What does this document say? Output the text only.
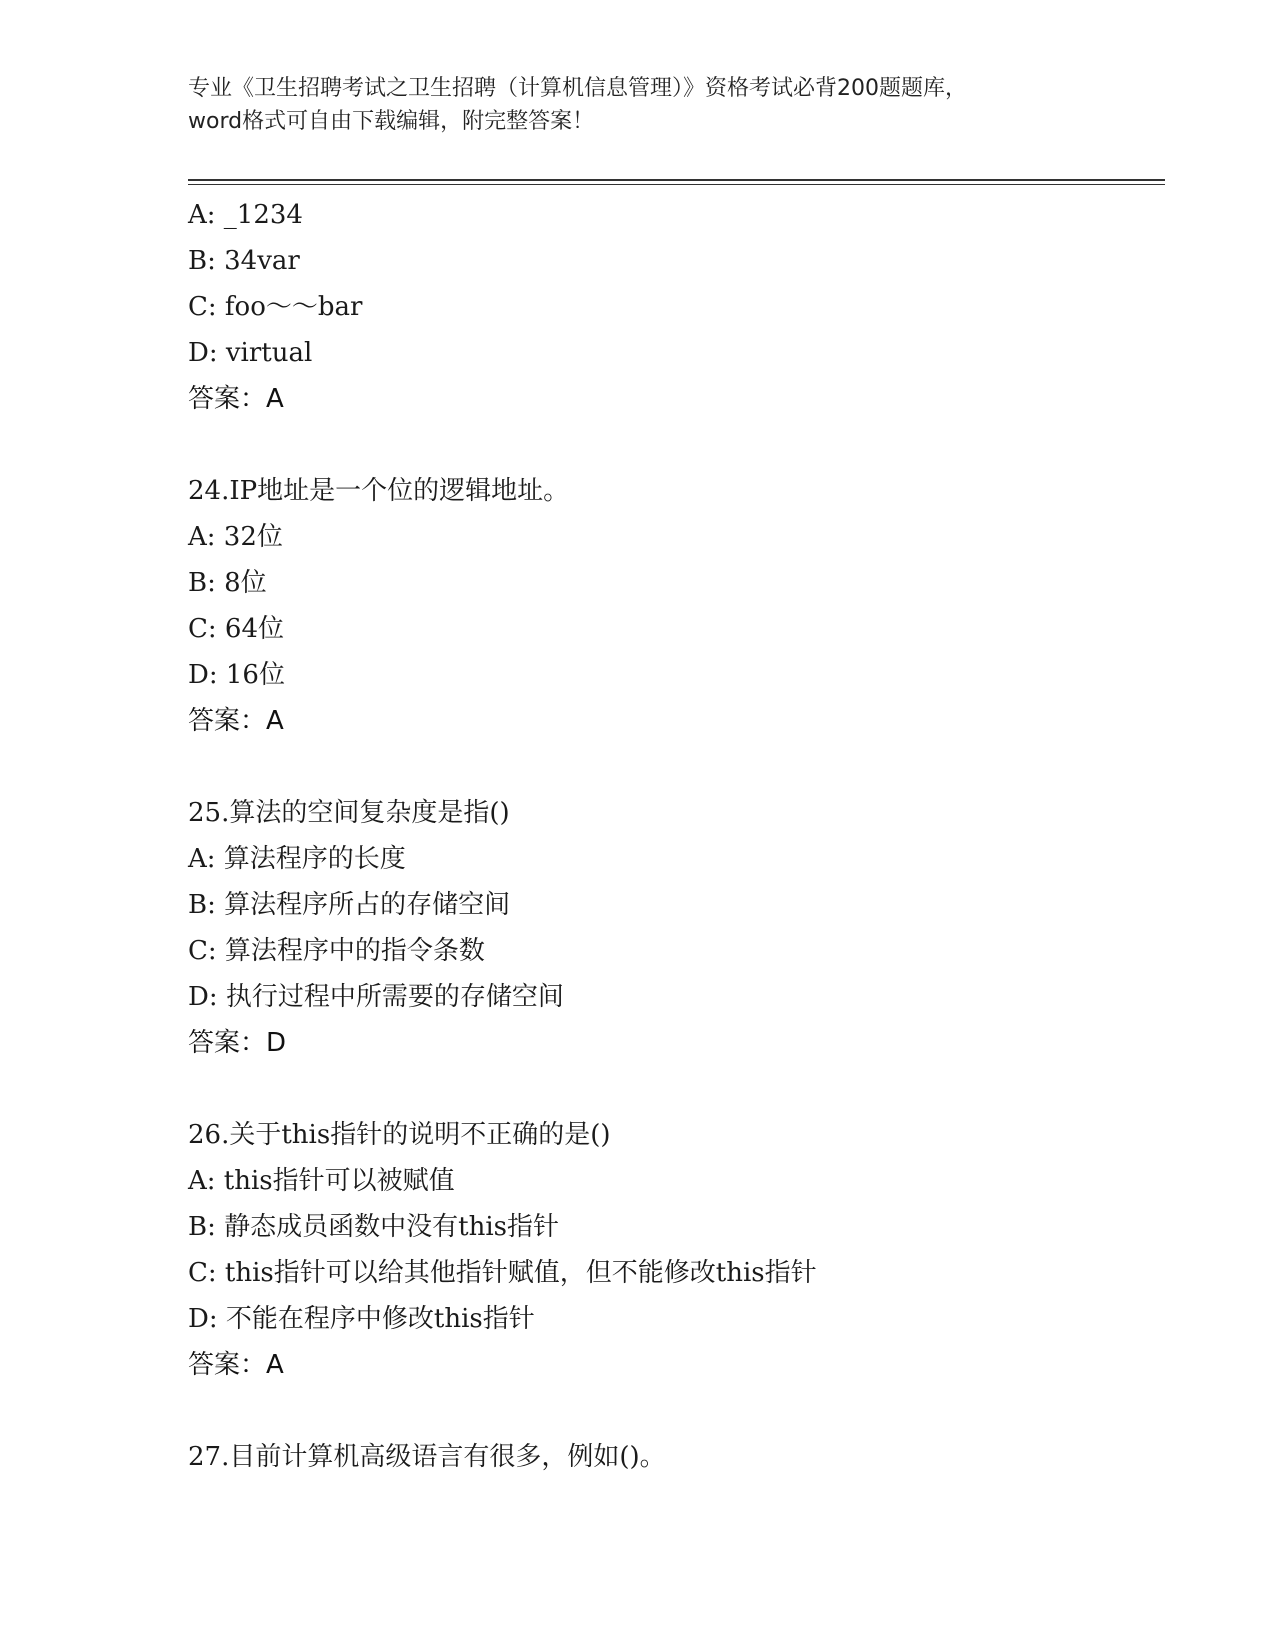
专业《卫生招聘考试之卫生招聘（计算机信息管理）》资格考试必背200题题库，
word格式可自由下载编辑，附完整答案！
A: _1234
B: 34var
C: foo～～bar
D: virtual
答案：A
24.IP地址是一个位的逻辑地址。
A: 32位
B: 8位
C: 64位
D: 16位
答案：A
25.算法的空间复杂度是指()
A: 算法程序的长度
B: 算法程序所占的存储空间
C: 算法程序中的指令条数
D: 执行过程中所需要的存储空间
答案：D
26.关于this指针的说明不正确的是()
A: this指针可以被赋值
B: 静态成员函数中没有this指针
C: this指针可以给其他指针赋值，但不能修改this指针
D: 不能在程序中修改this指针
答案：A
27.目前计算机高级语言有很多，例如()。
